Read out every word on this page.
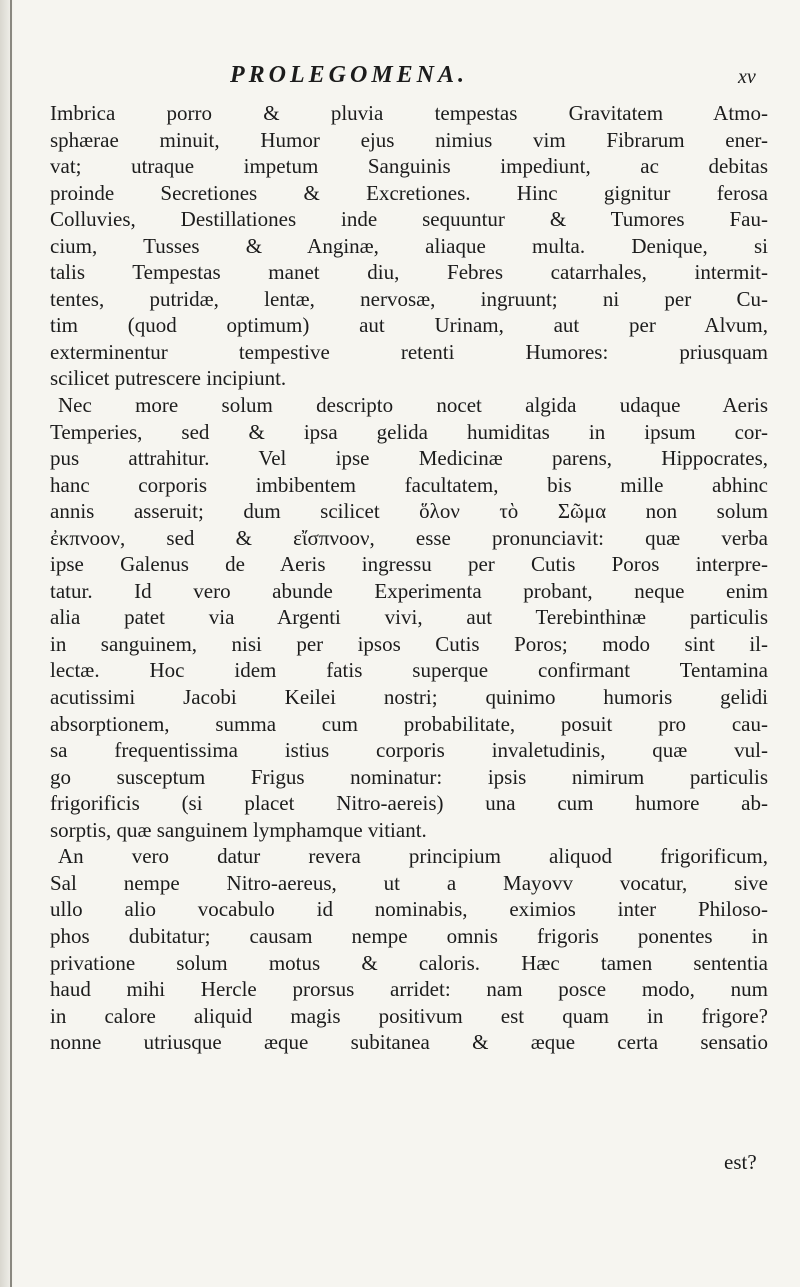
PROLEGOMENA.	xv
Imbrica porro & pluvia tempestas Gravitatem Atmo-
sphærae minuit, Humor ejus nimius vim Fibrarum ener-
vat; utraque impetum Sanguinis impediunt, ac debitas
proinde Secretiones & Excretiones. Hinc gignitur ferosa
Colluvies, Destillationes inde sequuntur & Tumores Fau-
cium, Tusses & Anginæ, aliaque multa. Denique, si
talis Tempestas manet diu, Febres catarrhales, intermit-
tentes, putridæ, lentæ, nervosæ, ingruunt; ni per Cu-
tim (quod optimum) aut Urinam, aut per Alvum,
exterminentur tempestive retenti Humores: priusquam
scilicet putrescere incipiunt.
Nec more solum descripto nocet algida udaque Aeris
Temperies, sed & ipsa gelida humiditas in ipsum cor-
pus attrahitur. Vel ipse Medicinæ parens, Hippocrates,
hanc corporis imbibentem facultatem, bis mille abhinc
annis asseruit; dum scilicet ὅλον τὸ Σῶμα non solum
ἐκπνοον, sed & εἴσπνοον, esse pronunciavit: quæ verba
ipse Galenus de Aeris ingressu per Cutis Poros interpre-
tatur. Id vero abunde Experimenta probant, neque enim
alia patet via Argenti vivi, aut Terebinthinæ particulis
in sanguinem, nisi per ipsos Cutis Poros; modo sint il-
lectæ. Hoc idem fatis superque confirmant Tentamina
acutissimi Jacobi Keilei nostri; quinimo humoris gelidi
absorptionem, summa cum probabilitate, posuit pro cau-
sa frequentissima istius corporis invaletudinis, quæ vul-
go susceptum Frigus nominatur: ipsis nimirum particulis
frigorificis (si placet Nitro-aereis) una cum humore ab-
sorptis, quæ sanguinem lymphamque vitiant.
An vero datur revera principium aliquod frigorificum,
Sal nempe Nitro-aereus, ut a Mayovv vocatur, sive
ullo alio vocabulo id nominabis, eximios inter Philoso-
phos dubitatur; causam nempe omnis frigoris ponentes in
privatione solum motus & caloris. Hæc tamen sententia
haud mihi Hercle prorsus arridet: nam posce modo, num
in calore aliquid magis positivum est quam in frigore?
nonne utriusque æque subitanea & æque certa sensatio
est?
